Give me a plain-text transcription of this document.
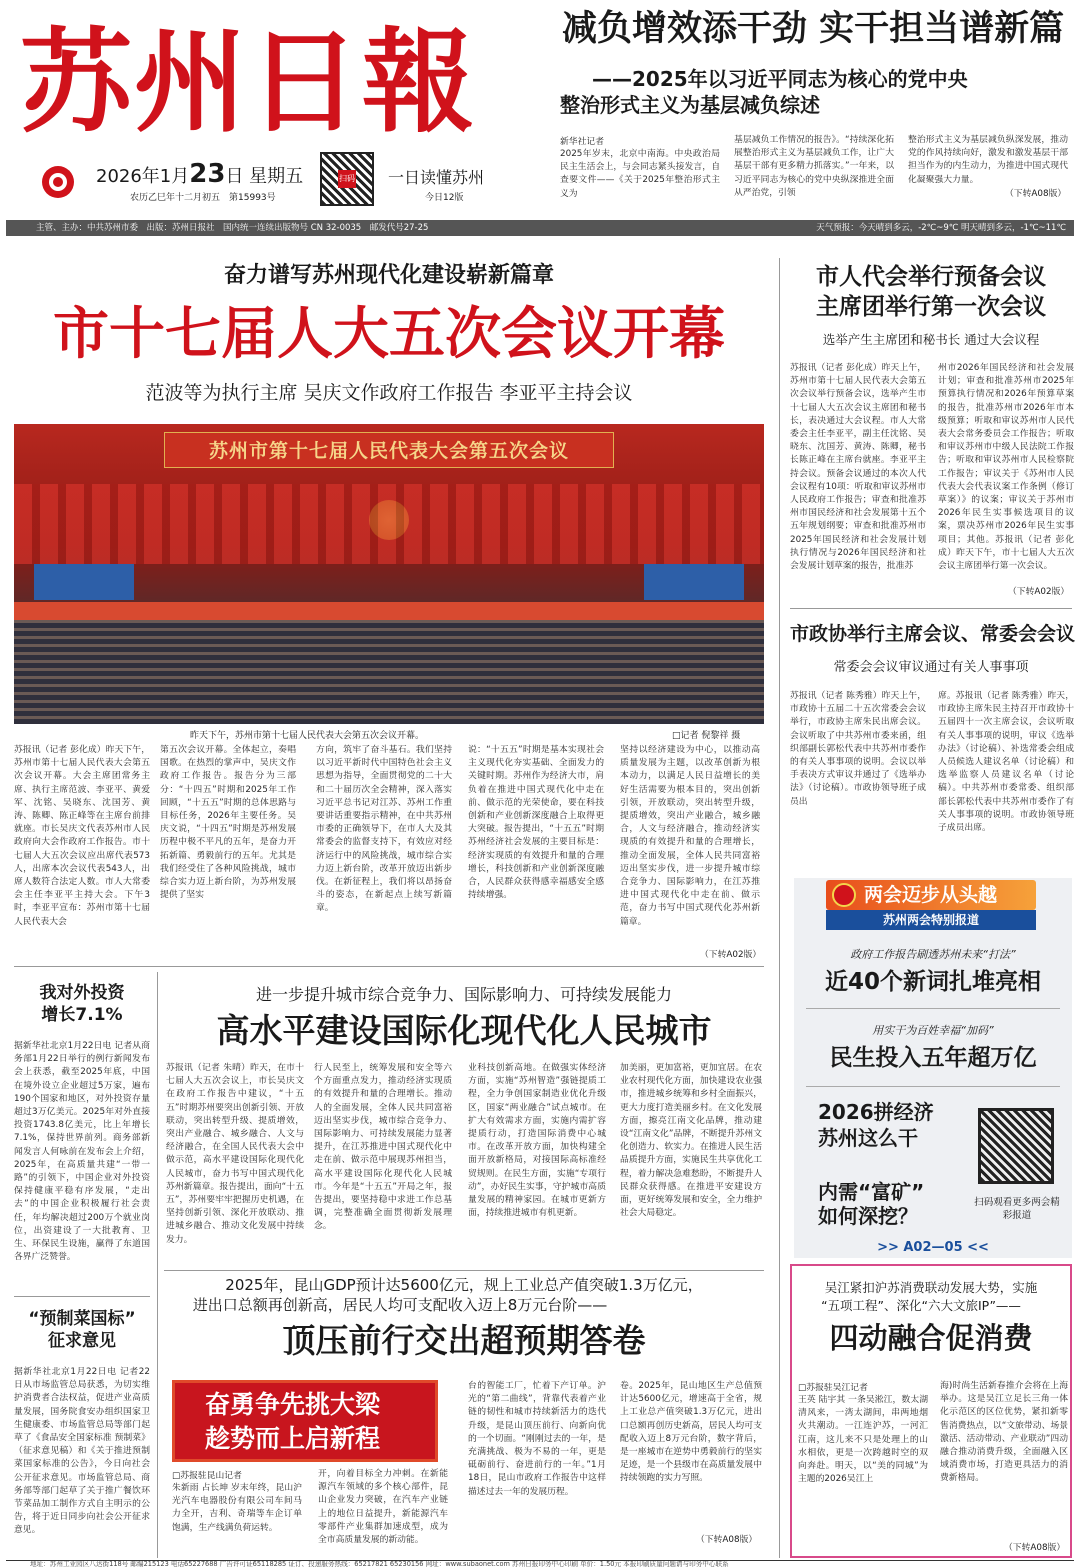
苏州日報
2026年1月23日 星期五
农历乙巳年十二月初五　 第15993号
扫码 一日读懂苏州
今日12版
减负增效添干劲 实干担当谱新篇
——2025年以习近平同志为核心的党中央
整治形式主义为基层减负综述
新华社记者
2025年岁末，北京中南海。中央政治局民主生活会上，与会同志紧头接发言，自查要文件——《关于2025年整治形式主义为
基层减负工作情况的报告》。“持续深化拓展整治形式主义为基层减负工作，让广大基层干部有更多精力抓落实。”一年来，以习近平同志为核心的党中央纵深推进全面从严治党，引领
整治形式主义为基层减负纵深发展，推动党的作风持续向好，激发和激发基层干部担当作为的内生动力，为推进中国式现代化凝聚强大力量。
（下转A08版）
主管、主办：中共苏州市委　出版：苏州日报社　国内统一连续出版物号 CN 32-0035　邮发代号27-25	天气预报：今天晴到多云，-2℃~9℃ 明天晴到多云，-1℃~11℃
奋力谱写苏州现代化建设崭新篇章
市十七届人大五次会议开幕
范波等为执行主席 吴庆文作政府工作报告 李亚平主持会议
苏州市第十七届人民代表大会第五次会议
昨天下午，苏州市第十七届人民代表大会第五次会议开幕。	□记者 倪黎祥 摄
苏报讯（记者 彭化成）昨天下午，苏州市第十七届人民代表大会第五次会议开幕。大会主席团常务主席、执行主席范波、李亚平、黄爱军、沈铭、吴晓东、沈国芳、黄涛、陈卿、陈正峰等在主席台前排就座。市长吴庆文代表苏州市人民政府向大会作政府工作报告。市十七届人大五次会议应出席代表573人，出席本次会议代表543人，出席人数符合法定人数。市人大常委会主任李亚平主持大会。下午3时，李亚平宣布：苏州市第十七届人民代表大会
第五次会议开幕。全体起立，奏唱国歌。在热烈的掌声中，吴庆文作政府工作报告。报告分为三部分：“十四五”时期和2025年工作回顾，“十五五”时期的总体思路与目标任务，2026年主要任务。吴庆文说，“十四五”时期是苏州发展历程中极不平凡的五年，是奋力开拓新篇、勇毅前行的五年。尤其是我们经受住了各种风险挑战，城市综合实力迈上新台阶，为苏州发展提供了坚实
方向，筑牢了奋斗基石。我们坚持以习近平新时代中国特色社会主义思想为指导，全面贯彻党的二十大和二十届历次全会精神，深入落实习近平总书记对江苏、苏州工作重要讲话重要指示精神，在中共苏州市委的正确领导下，在市人大及其常委会的监督支持下，有效应对经济运行中的风险挑战，城市综合实力迈上新台阶，改革开放迈出新步伐。在新征程上，我们将以昂扬奋斗的姿态，在新起点上续写新篇章。
说：“十五五”时期是基本实现社会主义现代化夯实基础、全面发力的关键时期。苏州作为经济大市，肩负着在推进中国式现代化中走在前、做示范的光荣使命，要在科技创新和产业创新深度融合上取得更大突破。报告提出，“十五五”时期苏州经济社会发展的主要目标是：经济实现质的有效提升和量的合理增长，科技创新和产业创新深度融合，人民群众获得感幸福感安全感持续增强。
坚持以经济建设为中心，以推动高质量发展为主题，以改革创新为根本动力，以满足人民日益增长的美好生活需要为根本目的，突出创新引领，开放联动，突出转型升级，提质增效，突出产业融合，城乡融合，人文与经济融合，推动经济实现质的有效提升和量的合理增长，推动全面发展，全体人民共同富裕迈出坚实步伐，进一步提升城市综合竞争力、国际影响力，在江苏推进中国式现代化中走在前、做示范，奋力书写中国式现代化苏州新篇章。
（下转A02版）
市人代会举行预备会议
主席团举行第一次会议
选举产生主席团和秘书长 通过大会议程
苏报讯（记者 彭化成）昨天上午，苏州市第十七届人民代表大会第五次会议举行预备会议，选举产生市十七届人大五次会议主席团和秘书长，表决通过大会议程。市人大常委会主任李亚平，副主任沈铭、吴晓东、沈国芳、黄涛、陈卿，秘书长陈正峰在主席台就座。李亚平主持会议。预备会议通过的本次人代会议程有10项：听取和审议苏州市人民政府工作报告；审查和批准苏州市国民经济和社会发展第十五个五年规划纲要；审查和批准苏州市2025年国民经济和社会发展计划执行情况与2026年国民经济和社会发展计划草案的报告，批准苏
州市2026年国民经济和社会发展计划；审查和批准苏州市2025年预算执行情况和2026年预算草案的报告，批准苏州市2026年市本级预算；听取和审议苏州市人民代表大会常务委员会工作报告；听取和审议苏州市中级人民法院工作报告；听取和审议苏州市人民检察院工作报告；审议关于《苏州市人民代表大会代表议案工作条例（修订草案）》的议案；审议关于苏州市2026年民生实事候选项目的议案，票决苏州市2026年民生实事项目；其他。苏报讯（记者 彭化成）昨天下午，市十七届人大五次会议主席团举行第一次会议。
（下转A02版）
市政协举行主席会议、常委会会议
常委会会议审议通过有关人事事项
苏报讯（记者 陈秀雅）昨天上午，市政协十五届二十五次常委会会议举行，市政协主席朱民出席会议。会议听取了中共苏州市委来函，组织部副长郭松代表中共苏州市委作的有关人事事项的说明。会议以举手表决方式审议并通过了《选举办法》（讨论稿）。市政协领导班子成员出
席。苏报讯（记者 陈秀雅）昨天，市政协主席朱民主持召开市政协十五届四十一次主席会议，会议听取有关人事事项的说明，审议《选举办法》（讨论稿）、补选常委会组成人员候选人建议名单（讨论稿）和选举监察人员建议名单（讨论稿）。中共苏州市委常委、组织部部长郭松代表中共苏州市委作了有关人事事项的说明。市政协领导班子成员出席。
两会迈步从头越
苏州两会特别报道
政府工作报告刷透苏州未来“打法”
近40个新词扎堆亮相
用实干为百姓幸福“加码”
民生投入五年超万亿
2026拼经济
苏州这么干
内需“富矿”
如何深挖？
扫码观看更多两会精彩报道
>> A02—05 <<
吴江紧扣沪苏消费联动发展大势，实施
“五项工程”、深化“六大文旅IP”——
四动融合促消费
□苏报驻吴江记者
王英 陆宇其 一条吴淞江，数太湖清风来，一湾太湖间，串两地烟火共潮动。一江连沪苏，一河汇江南，这儿来不只是处理上的山水相依，更是一次跨越时空的双向奔赴。明天，以“美的同城”为主题的2026吴江上
海)时尚生活新春推介会将在上海举办。这是吴江立足长三角一体化示范区的区位优势，紧扣新零售消费热点，以“文旅带动、场景激活、活动带动、产业联动”四动融合推动消费升级，全面融入区域消费市场，打造更具活力的消费新格局。
（下转A08版）
我对外投资
增长7.1%
据新华社北京1月22日电 记者从商务部1月22日举行的例行新闻发布会上获悉，截至2025年底，中国在境外设立企业超过5万家，遍布190个国家和地区，对外投资存量超过3万亿美元。2025年对外直接投资1743.8亿美元，比上年增长7.1%，保持世界前列。商务部新闻发言人何咏前在发布会上介绍，2025年，在高质量共建“一带一路”的引领下，中国企业对外投资保持健康平稳有序发展，“走出去”的中国企业积极履行社会责任，年均解决超过200万个就业岗位，出资建设了一大批教育、卫生、环保民生设施，赢得了东道国各界广泛赞誉。
“预制菜国标”
征求意见
据新华社北京1月22日电 记者22日从市场监管总局获悉，为切实维护消费者合法权益，促进产业高质量发展，国务院食安办组织国家卫生健康委、市场监管总局等部门起草了《食品安全国家标准 预制菜》（征求意见稿）和《关于推进预制菜国家标准的公告》，今日向社会公开征求意见。市场监管总局、商务部等部门起草了关于推广餐饮环节菜品加工制作方式自主明示的公告，将于近日同步向社会公开征求意见。
进一步提升城市综合竞争力、国际影响力、可持续发展能力
高水平建设国际化现代化人民城市
苏报讯（记者 朱晴）昨天，在市十七届人大五次会议上，市长吴庆文在政府工作报告中建议，“十五五”时期苏州要突出创新引领、开放联动，突出转型升级、提质增效，突出产业融合、城乡融合、人文与经济融合，在全国人民代表大会中做示范，高水平建设国际化现代化人民城市，奋力书写中国式现代化苏州新篇章。报告提出，面向“十五五”，苏州要牢牢把握历史机遇，在坚持创新引领、深化开放联动、推进城乡融合、推动文化发展中持续发力。
行人民至上，统筹发展和安全等六个方面重点发力，推动经济实现质的有效提升和量的合理增长。推动人的全面发展，全体人民共同富裕迈出坚实步伐，城市综合竞争力、国际影响力、可持续发展能力显著提升，在江苏推进中国式现代化中走在前、做示范中展现苏州担当，高水平建设国际化现代化人民城市。今年是“十五五”开局之年，报告提出，要坚持稳中求进工作总基调，完整准确全面贯彻新发展理念。
业科技创新高地。在做强实体经济方面，实施“苏州智造”强链提质工程，全力争创国家制造业优化升级区，国家“两业融合”试点城市。在扩大有效需求方面，实施内需扩容提质行动，打造国际消费中心城市。在改革开放方面，加快构建全面开放新格局，对接国际高标准经贸规则。在民生方面，实施“专项行动”，办好民生实事，守护城市高质量发展的精神家园。在城市更新方面，持续推进城市有机更新。
加美丽，更加富裕，更加宜居。在农业农村现代化方面，加快建设农业强市，推进城乡统筹和乡村全面振兴，更大力度打造美丽乡村。在文化发展方面，擦亮江南文化品牌，推动建设“江南文化”品牌，不断提升苏州文化创造力、软实力。在推进人民生活品质提升方面，实施民生共享优化工程，着力解决急难愁盼，不断提升人民群众获得感。在推进平安建设方面，更好统筹发展和安全，全力维护社会大局稳定。
2025年，昆山GDP预计达5600亿元，规上工业总产值突破1.3万亿元，
进出口总额再创新高，居民人均可支配收入迈上8万元台阶——
顶压前行交出超预期答卷
奋勇争先挑大梁
趁势而上启新程
□苏报驻昆山记者
朱新雨 占长坤 岁末年终，昆山沪光汽车电器股份有限公司车间马力全开，吉利、奇瑞等车企订单饱满，生产线满负荷运转。
开，向着目标全力冲刺。在新能源汽车领域的多个核心部件，昆山企业发力突破，在汽车产业链上的地位日益提升，新能源汽车零部件产业集群加速成型，成为全市高质量发展的新动能。
台的智能工厂，忙着下产订单。沪光的“第二曲线”，背靠代表着产业链的韧性和城市持续新活力的迭代升级，是昆山顶压前行、向新向优的一个切面。“刚刚过去的一年，是充满挑战、极为不易的一年，更是砥砺前行、奋进前行的一年。”1月18日，昆山市政府工作报告中这样描述过去一年的发展历程。
卷。2025年，昆山地区生产总值预计达5600亿元，增速高于全省，规上工业总产值突破1.3万亿元，进出口总额再创历史新高，居民人均可支配收入迈上8万元台阶，数字背后，是一座城市在逆势中勇毅前行的坚实足迹，是一个县级市在高质量发展中持续领跑的实力写照。
（下转A08版）
地址：苏州工业园区八达街118号 邮编215123 电话65227688 广告许可证65118285 证订、投递服务热线：65217821 65230156 网址：www.subaonet.com 苏州日报印务中心印刷 单价：1.50元 本报印刷质量问题请与印务中心联系
